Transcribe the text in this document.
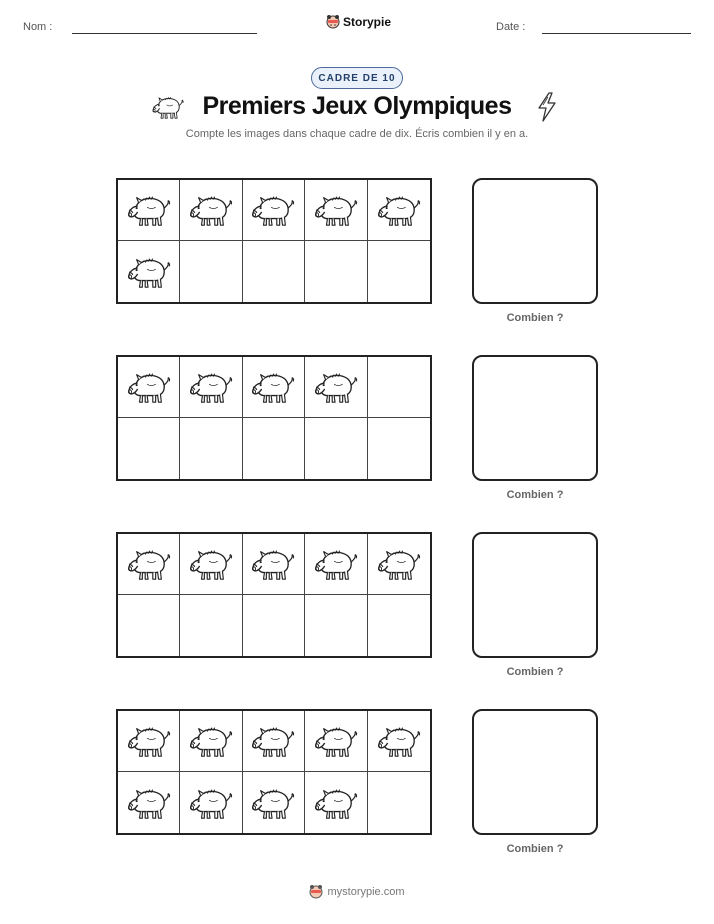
Nom :	Storypie	Date :
CADRE DE 10
Premiers Jeux Olympiques
Compte les images dans chaque cadre de dix. Écris combien il y en a.
Combien ?
Combien ?
Combien ?
Combien ?
mystorypie.com
